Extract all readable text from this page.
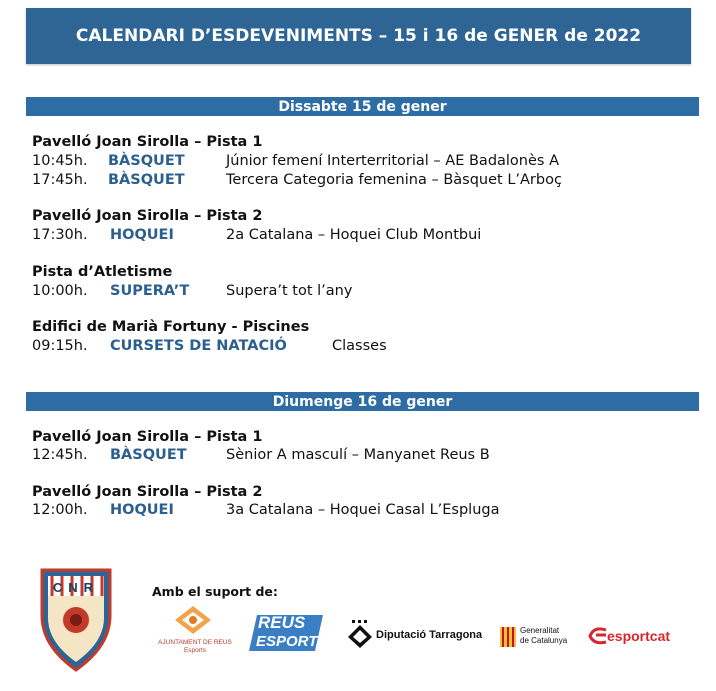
CALENDARI D’ESDEVENIMENTS – 15 i 16 de GENER de 2022
Dissabte 15 de gener
Pavelló Joan Sirolla – Pista 1
10:45h. BÀSQUET	Júnior femení Interterritorial – AE Badalonès A
17:45h. BÀSQUET	Tercera Categoria femenina – Bàsquet L’Arboç
Pavelló Joan Sirolla – Pista 2
17:30h. HOQUEI	2a Catalana – Hoquei Club Montbui
Pista d’Atletisme
10:00h. SUPERA’T	Supera’t tot l’any
Edifici de Marià Fortuny - Piscines
09:15h. CURSETS DE NATACIÓ	Classes
Diumenge 16 de gener
Pavelló Joan Sirolla – Pista 1
12:45h. BÀSQUET	Sènior A masculí – Manyanet Reus B
Pavelló Joan Sirolla – Pista 2
12:00h. HOQUEI	3a Catalana – Hoquei Casal L’Espluga
CNR	Amb el suport de:
AJUNTAMENT DE REUS
Esports
REUS
ESPORT	Diputació Tarragona	Generalitat
de Catalunya	esportcat
